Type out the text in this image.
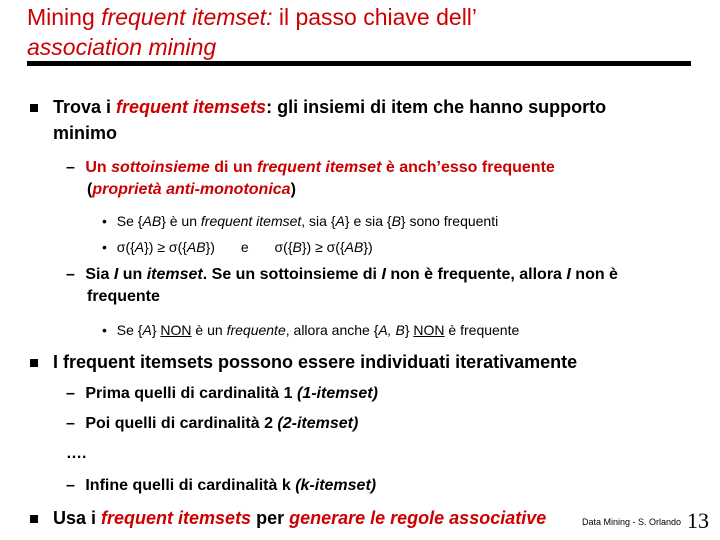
Mining frequent itemset: il passo chiave dell’
association mining
Trova i frequent itemsets: gli insiemi di item che hanno supporto
minimo
– Un sottoinsieme di un frequent itemset è anch’esso frequente
(proprietà anti-monotonica)
• Se {AB} è un frequent itemset, sia {A} e sia {B} sono frequenti
• σ({A}) ≥ σ({AB}) e σ({B}) ≥ σ({AB})
– Sia I un itemset. Se un sottoinsieme di I non è frequente, allora I non è
frequente
• Se {A} NON è un frequente, allora anche {A, B} NON è frequente
I frequent itemsets possono essere individuati iterativamente
– Prima quelli di cardinalità 1 (1-itemset)
– Poi quelli di cardinalità 2 (2-itemset)
….
– Infine quelli di cardinalità k (k-itemset)
Usa i frequent itemsets per generare le regole associative	Data Mining - S. Orlando 13
